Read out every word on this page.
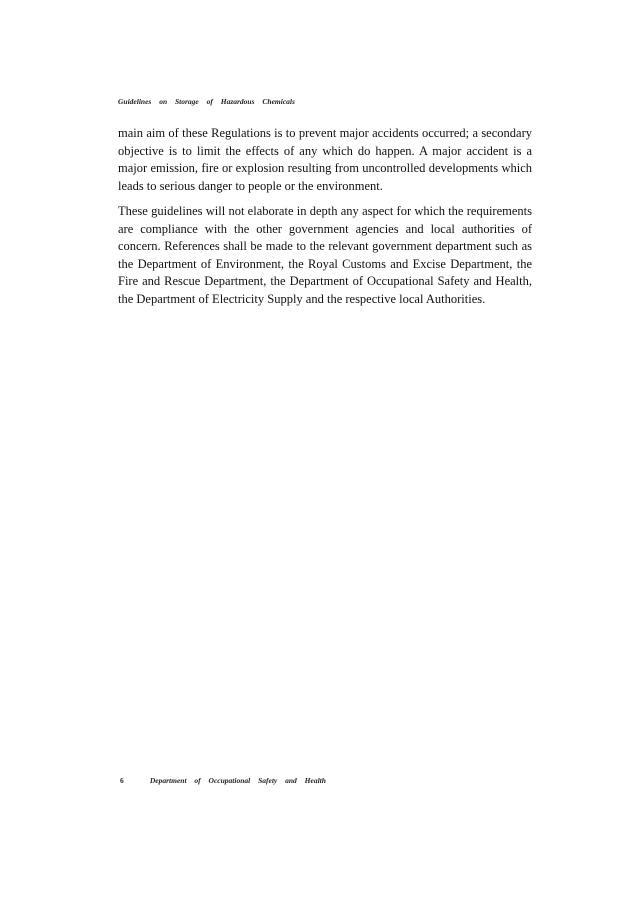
Guidelines on Storage of Hazardous Chemicals

main aim of these Regulations is to prevent major accidents occurred; a secondary objective is to limit the effects of any which do happen. A major accident is a major emission, fire or explosion resulting from uncontrolled developments which leads to serious danger to people or the environment.

These guidelines will not elaborate in depth any aspect for which the requirements are compliance with the other government agencies and local authorities of concern. References shall be made to the relevant government department such as the Department of Environment, the Royal Customs and Excise Department, the Fire and Rescue Department, the Department of Occupational Safety and Health, the Department of Electricity Supply and the respective local Authorities.

6	Department of Occupational Safety and Health
